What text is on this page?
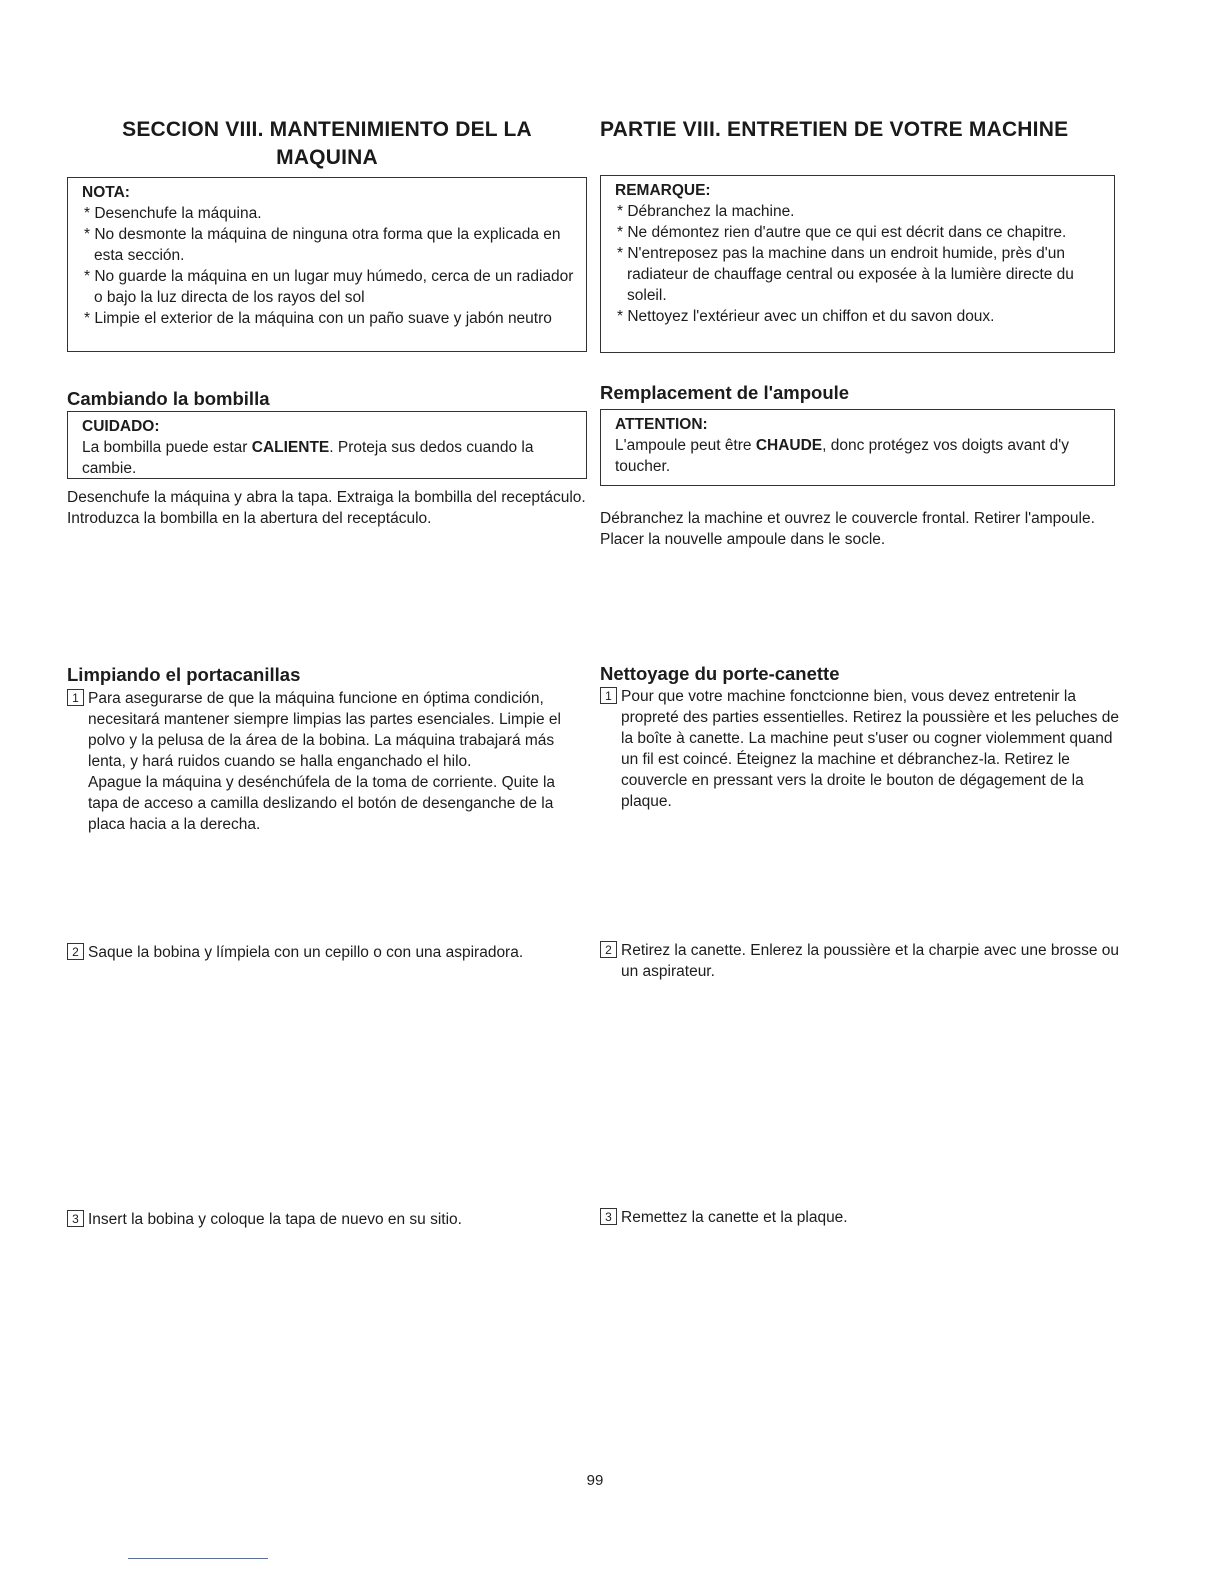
SECCION VIII. MANTENIMIENTO DEL LA
MAQUINA
NOTA:
* Desenchufe la máquina.
* No desmonte la máquina de ninguna otra forma que la explicada en esta sección.
* No guarde la máquina en un lugar muy húmedo, cerca de un radiador o bajo la luz directa de los rayos del sol
* Limpie el exterior de la máquina con un paño suave y jabón neutro
Cambiando la bombilla
CUIDADO:
La bombilla puede estar CALIENTE. Proteja sus dedos cuando la cambie.

Desenchufe la máquina y abra la tapa. Extraiga la bombilla del receptáculo. Introduzca la bombilla en la abertura del receptáculo.

Limpiando el portacanillas
1 Para asegurarse de que la máquina funcione en óptima condición, necesitará mantener siempre limpias las partes esenciales. Limpie el polvo y la pelusa de la área de la bobina. La máquina trabajará más lenta, y hará ruidos cuando se halla enganchado el hilo.
Apague la máquina y desénchúfela de la toma de corriente. Quite la tapa de acceso a camilla deslizando el botón de desenganche de la placa hacia a la derecha.
2 Saque la bobina y límpiela con un cepillo o con una aspiradora.
3 Insert la bobina y coloque la tapa de nuevo en su sitio.
PARTIE VIII. ENTRETIEN DE VOTRE MACHINE
REMARQUE:
* Débranchez la machine.
* Ne démontez rien d'autre que ce qui est décrit dans ce chapitre.
* N'entreposez pas la machine dans un endroit humide, près d'un radiateur de chauffage central ou exposée à la lumière directe du soleil.
* Nettoyez l'extérieur avec un chiffon et du savon doux.
Remplacement de l'ampoule
ATTENTION:
L'ampoule peut être CHAUDE, donc protégez vos doigts avant d'y toucher.

Débranchez la machine et ouvrez le couvercle frontal. Retirer l'ampoule. Placer la nouvelle ampoule dans le socle.

Nettoyage du porte-canette
1 Pour que votre machine fonctcionne bien, vous devez entretenir la propreté des parties essentielles. Retirez la poussière et les peluches de la boîte à canette. La machine peut s'user ou cogner violemment quand un fil est coincé. Éteignez la machine et débranchez-la. Retirez le couvercle en pressant vers la droite le bouton de dégagement de la plaque.
2 Retirez la canette. Enlerez la poussière et la charpie avec une brosse ou un aspirateur.
3 Remettez la canette et la plaque.
99
